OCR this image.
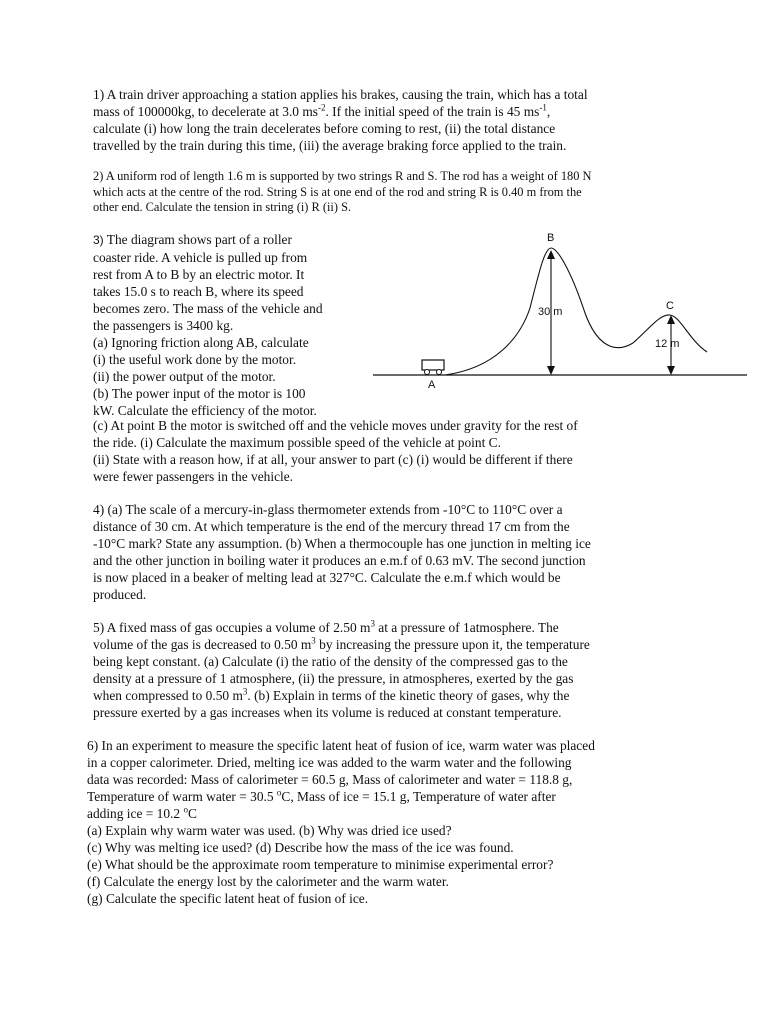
1) A train driver approaching a station applies his brakes, causing the train, which has a total

mass of 100000kg, to decelerate at 3.0 $ms^{-2}$. If the initial speed of the train is 45 $ms^{-1}$,

calculate (i) how long the train decelerates before coming to rest, (ii) the total distance

travelled by the train during this time, (iii) the average braking force applied to the train.

2) A uniform rod of length 1.6 m is supported by two strings R and S. The rod has a weight of 180 N

which acts at the centre of the rod. String S is at one end of the rod and string R is 0.40 m from the

other end. Calculate the tension in string (i) R (ii) S.

3) The diagram shows part of a roller

coaster ride. A vehicle is pulled up from

rest from A to B by an electric motor. It

takes 15.0 s to reach B, where its speed

becomes zero. The mass of the vehicle and

the passengers is 3400 kg.

(a) Ignoring friction along AB, calculate

(i) the useful work done by the motor.

(ii) the power output of the motor.

(b) The power input of the motor is 100

kW. Calculate the efficiency of the motor.

B
30 m	C
12 m
A

(c) At point B the motor is switched off and the vehicle moves under gravity for the rest of

the ride. (i) Calculate the maximum possible speed of the vehicle at point C.

(ii) State with a reason how, if at all, your answer to part (c) (i) would be different if there

were fewer passengers in the vehicle.

4) (a) The scale of a mercury-in-glass thermometer extends from -10°C to 110°C over a

distance of 30 cm. At which temperature is the end of the mercury thread 17 cm from the

-10°C mark? State any assumption. (b) When a thermocouple has one junction in melting ice

and the other junction in boiling water it produces an e.m.f of 0.63 mV. The second junction

is now placed in a beaker of melting lead at 327°C. Calculate the e.m.f which would be

produced.

5) A fixed mass of gas occupies a volume of 2.50 $m^3$ at a pressure of 1atmosphere. The

volume of the gas is decreased to 0.50 $m^3$ by increasing the pressure upon it, the temperature

being kept constant. (a) Calculate (i) the ratio of the density of the compressed gas to the

density at a pressure of 1 atmosphere, (ii) the pressure, in atmospheres, exerted by the gas

when compressed to 0.50 $m^3$. (b) Explain in terms of the kinetic theory of gases, why the

pressure exerted by a gas increases when its volume is reduced at constant temperature.

6) In an experiment to measure the specific latent heat of fusion of ice, warm water was placed

in a copper calorimeter. Dried, melting ice was added to the warm water and the following

data was recorded: Mass of calorimeter = 60.5 g, Mass of calorimeter and water = 118.8 g,

Temperature of warm water = 30.5 $^o$C, Mass of ice = 15.1 g, Temperature of water after

adding ice = 10.2 $^o$C

(a) Explain why warm water was used. (b) Why was dried ice used?

(c) Why was melting ice used? (d) Describe how the mass of the ice was found.

(e) What should be the approximate room temperature to minimise experimental error?

(f) Calculate the energy lost by the calorimeter and the warm water.

(g) Calculate the specific latent heat of fusion of ice.
